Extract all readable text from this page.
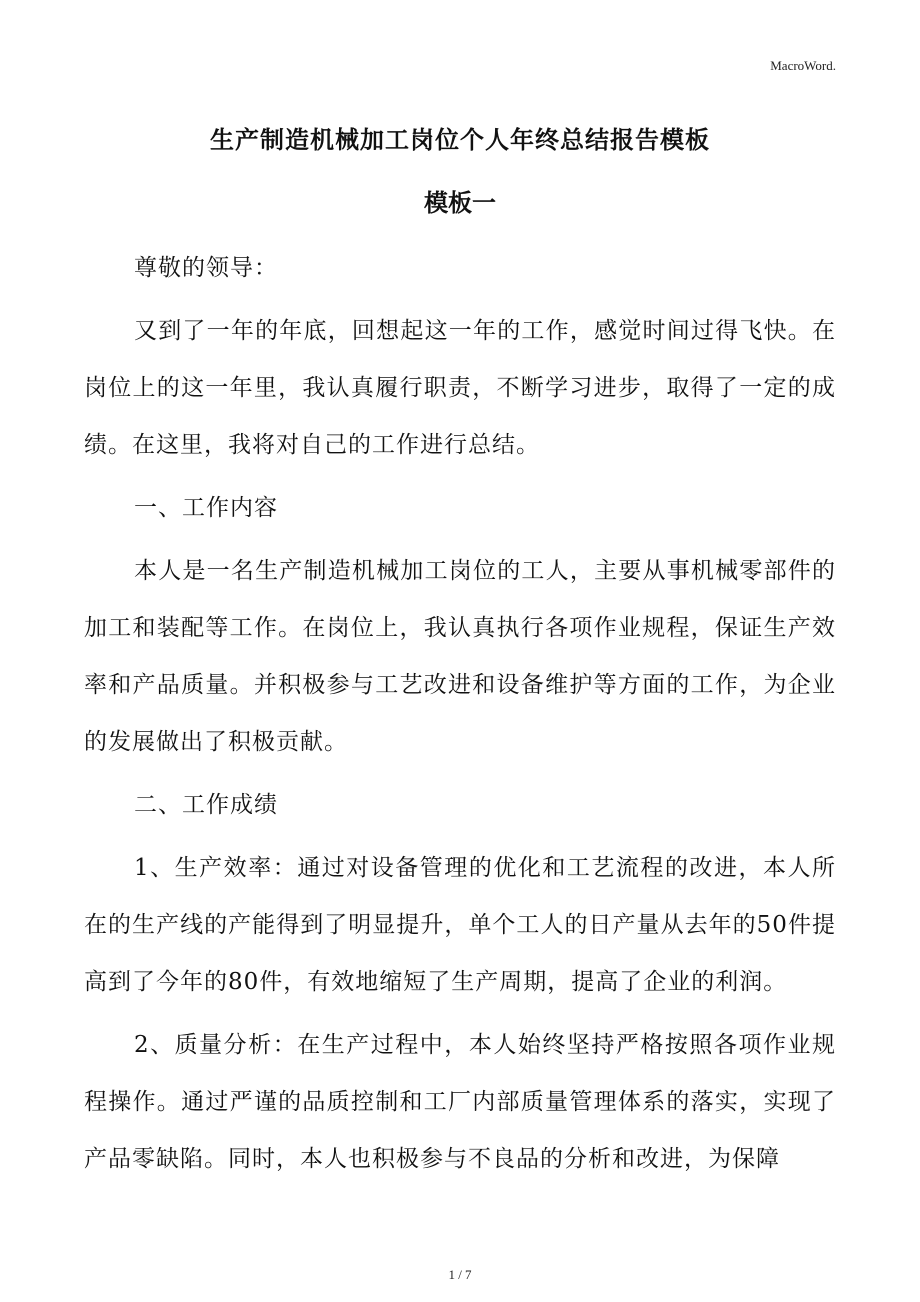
MacroWord.
生产制造机械加工岗位个人年终总结报告模板
模板一

尊敬的领导：

又到了一年的年底，回想起这一年的工作，感觉时间过得飞快。在岗位上的这一年里，我认真履行职责，不断学习进步，取得了一定的成绩。在这里，我将对自己的工作进行总结。

一、工作内容

本人是一名生产制造机械加工岗位的工人，主要从事机械零部件的加工和装配等工作。在岗位上，我认真执行各项作业规程，保证生产效率和产品质量。并积极参与工艺改进和设备维护等方面的工作，为企业的发展做出了积极贡献。

二、工作成绩

1、生产效率：通过对设备管理的优化和工艺流程的改进，本人所在的生产线的产能得到了明显提升，单个工人的日产量从去年的50件提高到了今年的80件，有效地缩短了生产周期，提高了企业的利润。

2、质量分析：在生产过程中，本人始终坚持严格按照各项作业规程操作。通过严谨的品质控制和工厂内部质量管理体系的落实，实现了产品零缺陷。同时，本人也积极参与不良品的分析和改进，为保障

1 / 7
